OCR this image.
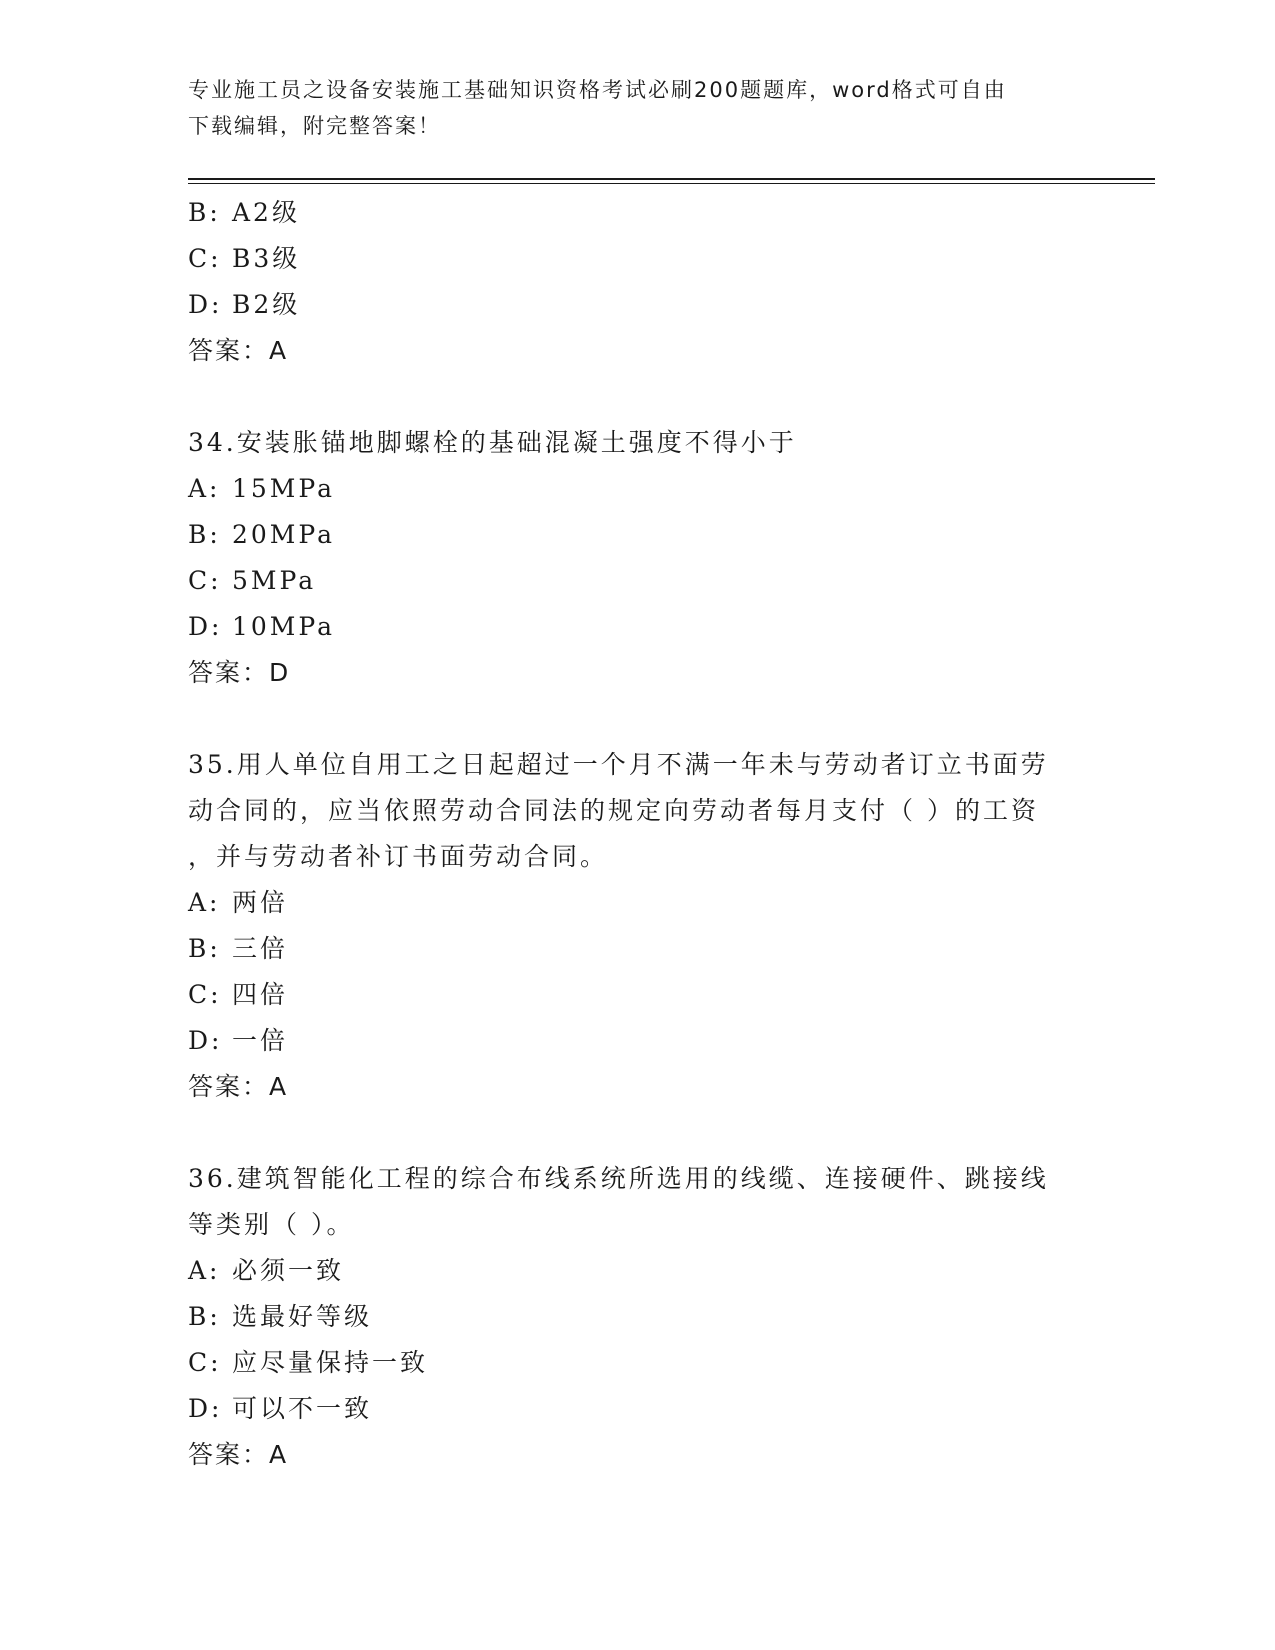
专业施工员之设备安装施工基础知识资格考试必刷200题题库，word格式可自由
下载编辑，附完整答案！
B: A2级
C: B3级
D: B2级
答案：A
34.安装胀锚地脚螺栓的基础混凝土强度不得小于
A: 15MPa
B: 20MPa
C: 5MPa
D: 10MPa
答案：D
35.用人单位自用工之日起超过一个月不满一年未与劳动者订立书面劳
动合同的，应当依照劳动合同法的规定向劳动者每月支付（ ）的工资
，并与劳动者补订书面劳动合同。
A: 两倍
B: 三倍
C: 四倍
D: 一倍
答案：A
36.建筑智能化工程的综合布线系统所选用的线缆、连接硬件、跳接线
等类别（ ）。
A: 必须一致
B: 选最好等级
C: 应尽量保持一致
D: 可以不一致
答案：A
